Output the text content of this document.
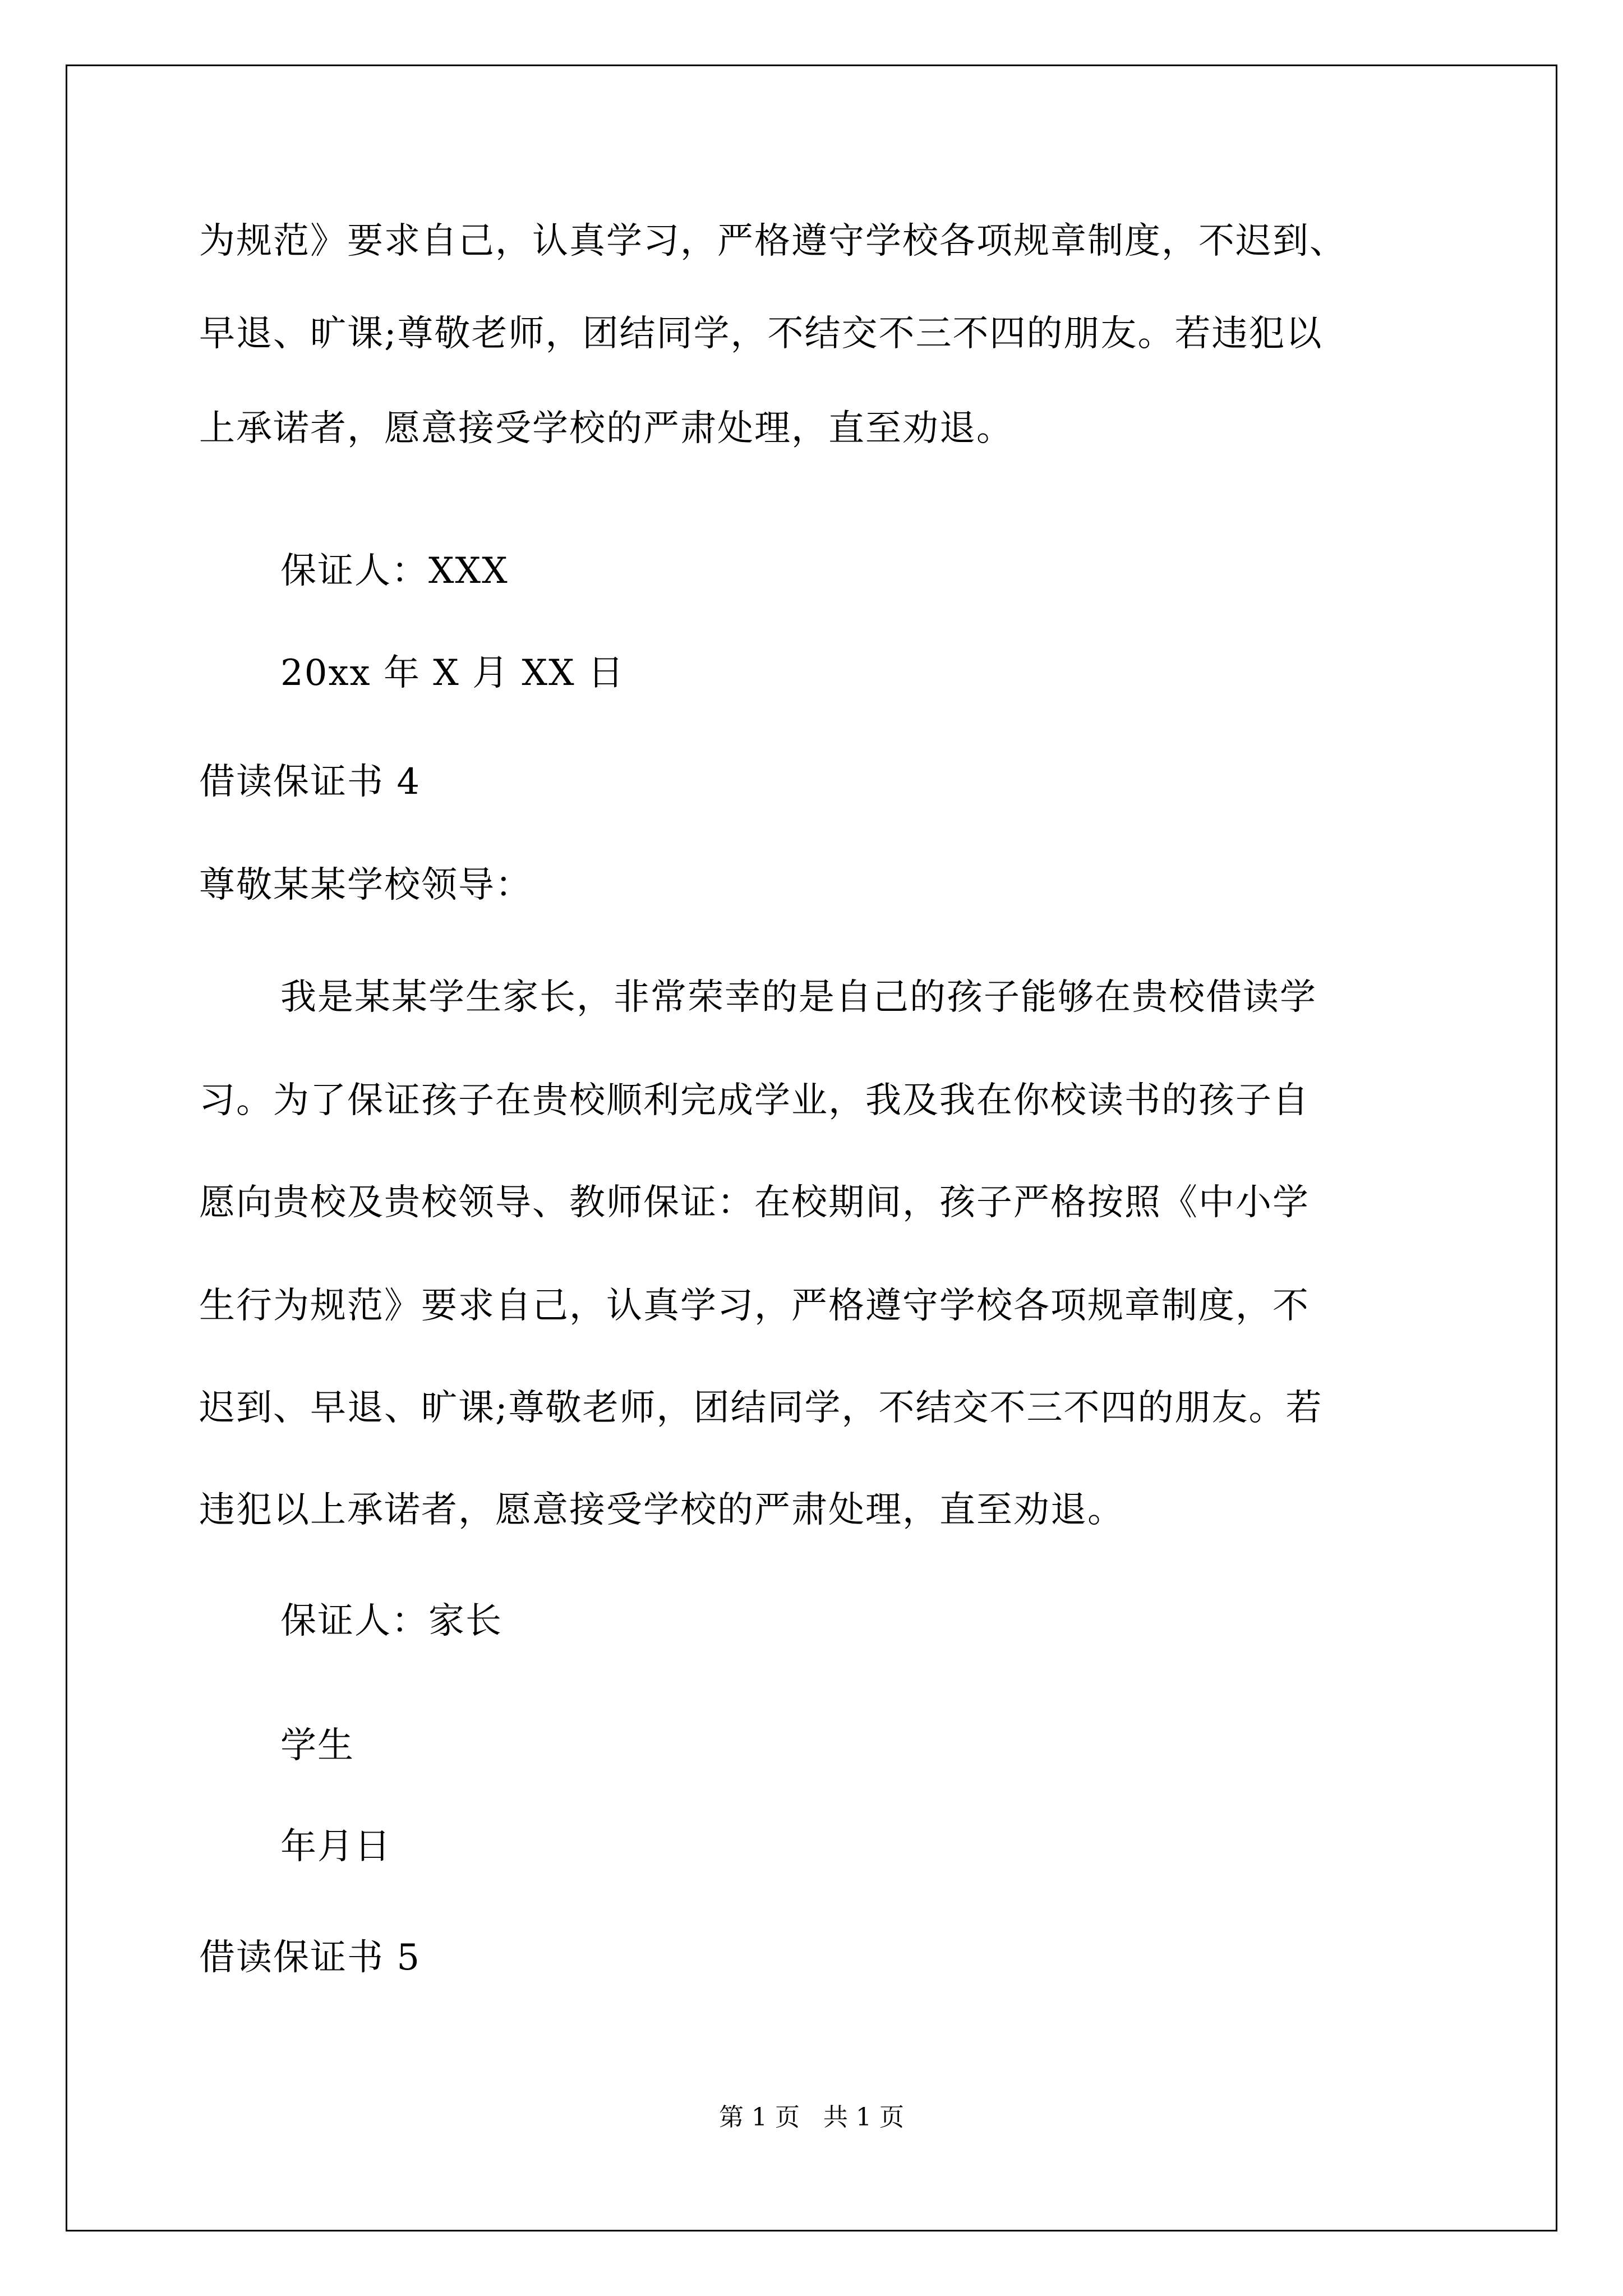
为规范》要求自己，认真学习，严格遵守学校各项规章制度，不迟到、
早退、旷课;尊敬老师，团结同学，不结交不三不四的朋友。若违犯以
上承诺者，愿意接受学校的严肃处理，直至劝退。
保证人：XXX
20xx 年 X 月 XX 日
借读保证书 4
尊敬某某学校领导：
我是某某学生家长，非常荣幸的是自己的孩子能够在贵校借读学
习。为了保证孩子在贵校顺利完成学业，我及我在你校读书的孩子自
愿向贵校及贵校领导、教师保证：在校期间，孩子严格按照《中小学
生行为规范》要求自己，认真学习，严格遵守学校各项规章制度，不
迟到、早退、旷课;尊敬老师，团结同学，不结交不三不四的朋友。若
违犯以上承诺者，愿意接受学校的严肃处理，直至劝退。
保证人：家长
学生
年月日
借读保证书 5
第 1 页   共 1 页
